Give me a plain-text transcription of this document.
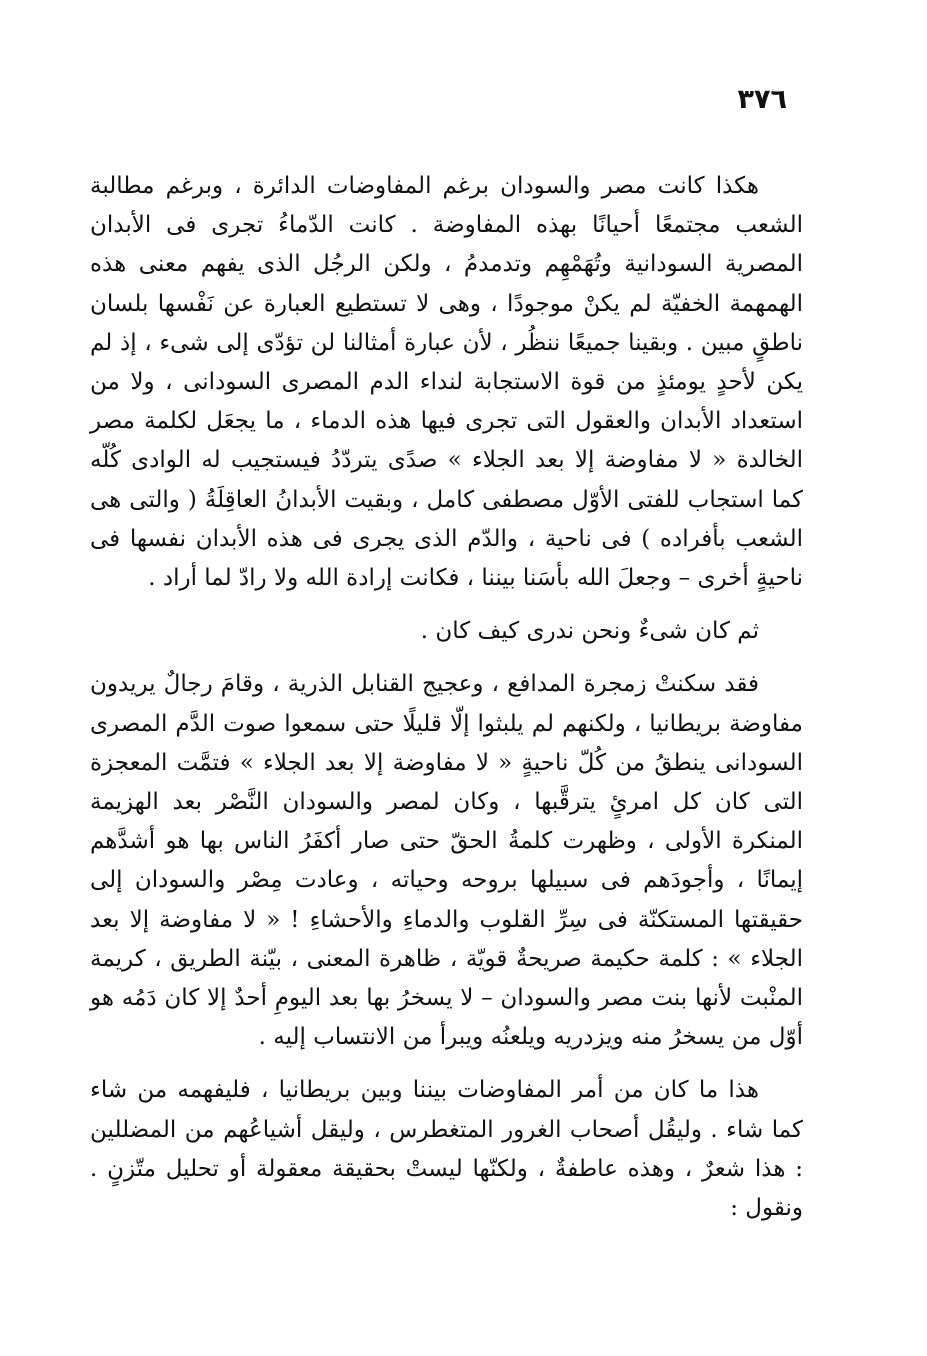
٣٧٦

هكذا كانت مصر والسودان برغم المفاوضات الدائرة ، وبرغم مطالبة الشعب مجتمعًا أحيانًا بهذه المفاوضة . كانت الدّماءُ تجرى فى الأبدان المصرية السودانية وتُهَمْهِم وتدمدمُ ، ولكن الرجُل الذى يفهم معنى هذه الهمهمة الخفيّة لم يكنْ موجودًا ، وهى لا تستطيع العبارة عن نَفْسها بلسان ناطقٍ مبين . وبقينا جميعًا ننظُر ، لأن عبارة أمثالنا لن تؤدّى إلى شىء ، إذ لم يكن لأحدٍ يومئذٍ من قوة الاستجابة لنداء الدم المصرى السودانى ، ولا من استعداد الأبدان والعقول التى تجرى فيها هذه الدماء ، ما يجعَل لكلمة مصر الخالدة « لا مفاوضة إلا بعد الجلاء » صدًى يتردّدُ فيستجيب له الوادى كُلّه كما استجاب للفتى الأوّل مصطفى كامل ، وبقيت الأبدانُ العاقِلَةُ ( والتى هى الشعب بأفراده ) فى ناحية ، والدّم الذى يجرى فى هذه الأبدان نفسها فى ناحيةٍ أخرى – وجعلَ الله بأسَنا بيننا ، فكانت إرادة الله ولا رادّ لما أراد .

ثم كان شىءٌ ونحن ندرى كيف كان .

فقد سكنتْ زمجرة المدافع ، وعجيج القنابل الذرية ، وقامَ رجالٌ يريدون مفاوضة بريطانيا ، ولكنهم لم يلبثوا إلّا قليلًا حتى سمعوا صوت الدَّم المصرى السودانى ينطقُ من كُلّ ناحيةٍ « لا مفاوضة إلا بعد الجلاء » فتمَّت المعجزة التى كان كل امرئٍ يترقَّبها ، وكان لمصر والسودان النَّصْر بعد الهزيمة المنكرة الأولى ، وظهرت كلمةُ الحقّ حتى صار أكفَرُ الناس بها هو أشدَّهم إيمانًا ، وأجودَهم فى سبيلها بروحه وحياته ، وعادت مِصْر والسودان إلى حقيقتها المستكنّة فى سِرِّ القلوب والدماءِ والأحشاءِ ! « لا مفاوضة إلا بعد الجلاء » : كلمة حكيمة صريحةٌ قويّة ، ظاهرة المعنى ، بيّنة الطريق ، كريمة المنْبت لأنها بنت مصر والسودان – لا يسخرُ بها بعد اليومِ أحدٌ إلا كان دَمُه هو أوّل من يسخرُ منه ويزدريه ويلعنُه ويبرأ من الانتساب إليه .

هذا ما كان من أمر المفاوضات بيننا وبين بريطانيا ، فليفهمه من شاء كما شاء . وليقُل أصحاب الغرور المتغطرس ، وليقل أشياعُهم من المضللين : هذا شعرٌ ، وهذه عاطفةٌ ، ولكنّها ليستْ بحقيقة معقولة أو تحليل متّزنٍ . ونقول :
